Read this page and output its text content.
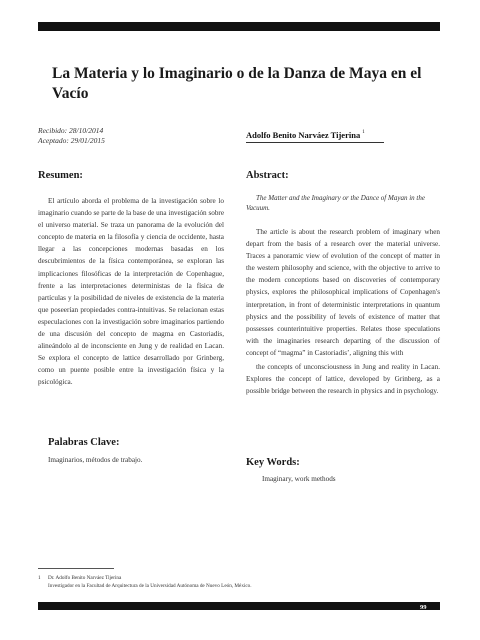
La Materia y lo Imaginario o de la Danza de Maya en el Vacío
Recibido: 28/10/2014
Aceptado: 29/01/2015
Adolfo Benito Narváez Tijerina $^1$
Resumen:

El artículo aborda el problema de la investigación sobre lo imaginario cuando se parte de la base de una investigación sobre el universo material. Se traza un panorama de la evolución del concepto de materia en la filosofía y ciencia de occidente, hasta llegar a las concepciones modernas basadas en los descubrimientos de la física contemporánea, se exploran las implicaciones filosóficas de la interpretación de Copenhague, frente a las interpretaciones deterministas de la física de partículas y la posibilidad de niveles de existencia de la materia que poseerían propiedades contra-intuitivas. Se relacionan estas especulaciones con la investigación sobre imaginarios partiendo de una discusión del concepto de magma en Castoriadis, alineándolo al de inconsciente en Jung y de realidad en Lacan. Se explora el concepto de lattice desarrollado por Grinberg, como un puente posible entre la investigación física y la psicológica.

Palabras Clave:

Imaginarios, métodos de trabajo.

Abstract:

The Matter and the Imaginary or the Dance of Mayan in the Vacuum.

The article is about the research problem of imaginary when depart from the basis of a research over the material universe. Traces a panoramic view of evolution of the concept of matter in the western philosophy and science, with the objective to arrive to the modern conceptions based on discoveries of contemporary physics, explores the philosophical implications of Copenhagen's interpretation, in front of deterministic interpretations in quantum physics and the possibility of levels of existence of matter that possesses counterintuitive properties. Relates those speculations with the imaginaries research departing of the discussion of concept of “magma” in Castoriadis’, aligning this with

the concepts of unconsciousness in Jung and reality in Lacan. Explores the concept of lattice, developed by Grinberg, as a possible bridge between the research in physics and in psychology.

Key Words:

Imaginary, work methods

1 Dr. Adolfo Benito Narváez Tijerina
Investigador en la Facultad de Arquitectura de la Universidad Autónoma de Nuevo León, México.
99
